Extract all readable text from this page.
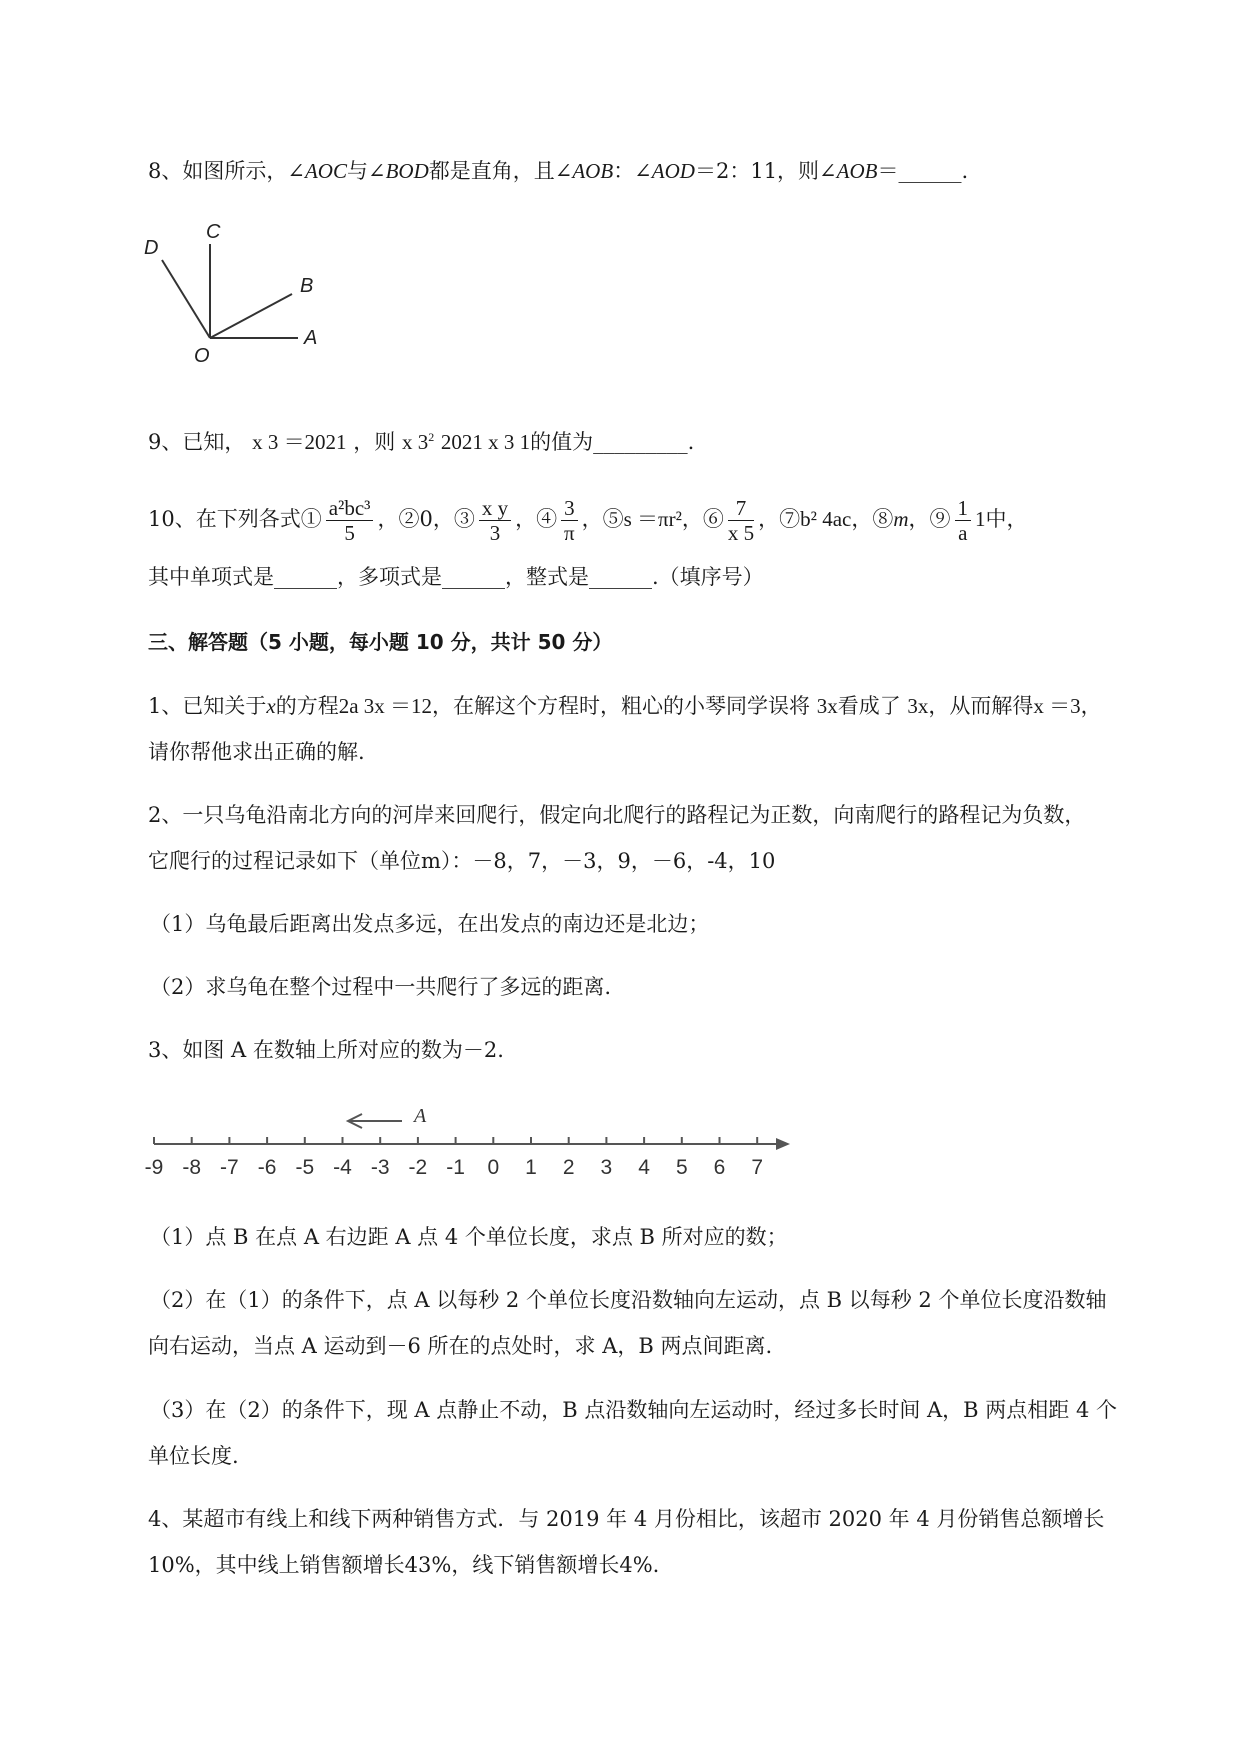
8、如图所示，∠AOC与∠BOD都是直角，且∠AOB：∠AOD＝2：11，则∠AOB＝______.
D
C
B
A
O
9、已知， x 3 ＝2021 ，则 x $3^2$ 2021 x 3 1的值为_________.
10、在下列各式① $\frac{\text{a²bc³}}{5}$ ，②0，③ $\frac{\text{x y}}{3}$ ，④ $\frac{3}{\pi}$ ，⑤s ＝πr²，⑥ $\frac{7}{x 5}$ ，⑦b² 4ac，⑧m，⑨ $\frac{1}{a} 1$中，
其中单项式是______，多项式是______，整式是______.（填序号）
三、解答题（5 小题，每小题 10 分，共计 50 分）
1、已知关于x的方程2a 3x ＝12，在解这个方程时，粗心的小琴同学误将 3x看成了 3x，从而解得x ＝3，
请你帮他求出正确的解.
2、一只乌龟沿南北方向的河岸来回爬行，假定向北爬行的路程记为正数，向南爬行的路程记为负数，
它爬行的过程记录如下（单位m）：－8，7，－3，9，－6，-4，10
（1）乌龟最后距离出发点多远，在出发点的南边还是北边；
（2）求乌龟在整个过程中一共爬行了多远的距离.
3、如图 A 在数轴上所对应的数为－2.
-9 -8 -7 -6 -5 -4 -3 -2 -1 0 1 2 3 4 5 6 7
A
（1）点 B 在点 A 右边距 A 点 4 个单位长度，求点 B 所对应的数；
（2）在（1）的条件下，点 A 以每秒 2 个单位长度沿数轴向左运动，点 B 以每秒 2 个单位长度沿数轴
向右运动，当点 A 运动到－6 所在的点处时，求 A，B 两点间距离.
（3）在（2）的条件下，现 A 点静止不动，B 点沿数轴向左运动时，经过多长时间 A，B 两点相距 4 个
单位长度.
4、某超市有线上和线下两种销售方式．与 2019 年 4 月份相比，该超市 2020 年 4 月份销售总额增长
10%，其中线上销售额增长43%，线下销售额增长4%.
